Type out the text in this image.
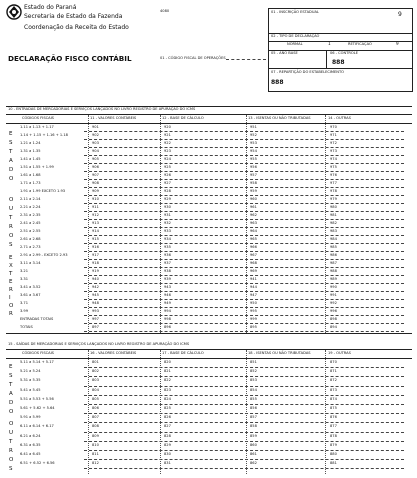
Estado do Paraná
Secretaria de Estado da Fazenda
Coordenação da Receita do Estado
4080
DECLARAÇÃO FISCO CONTÁBIL	01 - CÓDIGO FISCAL DE OPERAÇÕES
01 - INSCRIÇÃO ESTADUAL	9
02 - TIPO DE DECLARAÇÃO
NORMAL	1	RETIFICAÇÃO	9
05 - ANO BASE	06 - CONTROLE
888
07 - REPARTIÇÃO DO ESTABELECIMENTO
888
10 - ENTRADAS DE MERCADORIAS E SERVIÇOS LANÇADOS NO LIVRO REGISTRO DE APURAÇÃO DO ICMS
CÓDIGOS FISCAIS	11 - VALORES CONTÁBEIS	12 - BASE DE CÁLCULO	13 - ISENTAS OU NÃO TRIBUTADAS	14 - OUTRAS
E
S
T
A
D
O
O
U
T
R
O
S
E
X
T
E
R
I
O
R
1.11 a 1.13 + 1.17	901	920	951	970
1.14 + 1.15 + 1.16 + 1.18	902	921	952	971
1.21 a 1.24	903	922	953	972
1.31 a 1.35	904	923	954	973
1.41 a 1.45	905	924	955	974
1.51 a 1.55 + 1.99	906	925	956	975
1.61 a 1.68	907	926	957	976
1.71 a 1.73	908	927	958	977
1.91 a 1.99 EXCETO 1.93	909	928	959	978
2.11 a 2.14	910	929	960	979
2.21 a 2.24	911	930	961	980
2.31 a 2.35	912	931	962	981
2.41 a 2.45	913	932	963	982
2.51 a 2.55	914	933	964	983
2.61 a 2.68	915	934	965	984
2.71 a 2.73	916	935	966	985
2.91 a 2.99 - EXCETO 2.93	917	936	967	986
3.11 a 3.14	918	937	968	987
3.21	919	938	969	988
3.31	940	939	941	989
3.41 a 3.52	942	943	944	990
3.61 a 3.67	945	946	947	991
3.71	948	949	950	992
3.99	993	994	995	996
ENTRADAS TOTAIS	997	998	999	898
TOTAIS	897	896	895	894
15 - SAÍDAS DE MERCADORIAS E SERVIÇOS LANÇADOS NO LIVRO REGISTRO DE APURAÇÃO DO ICMS
CÓDIGOS FISCAIS	16 - VALORES CONTÁBEIS	17 - BASE DE CÁLCULO	18 - ISENTAS OU NÃO TRIBUTADAS	19 - OUTRAS
E
S
T
A
D
O
O
U
T
R
O
S
5.11 a 5.14 + 5.17	801	820	851	870
5.21 a 5.24	802	821	852	871
5.31 a 5.35	803	822	853	872
5.41 a 5.45	804	823	854	873
5.51 a 5.53 + 5.56	805	824	855	874
5.61 + 5.62 + 5.64	806	825	856	875
5.91 a 5.99	807	826	857	876
6.11 a 6.14 + 6.17	808	827	858	877
6.21 a 6.24	809	828	859	878
6.31 a 6.35	810	829	860	879
6.41 a 6.45	811	830	861	880
6.51 + 6.52 + 6.56	812	831	862	881
